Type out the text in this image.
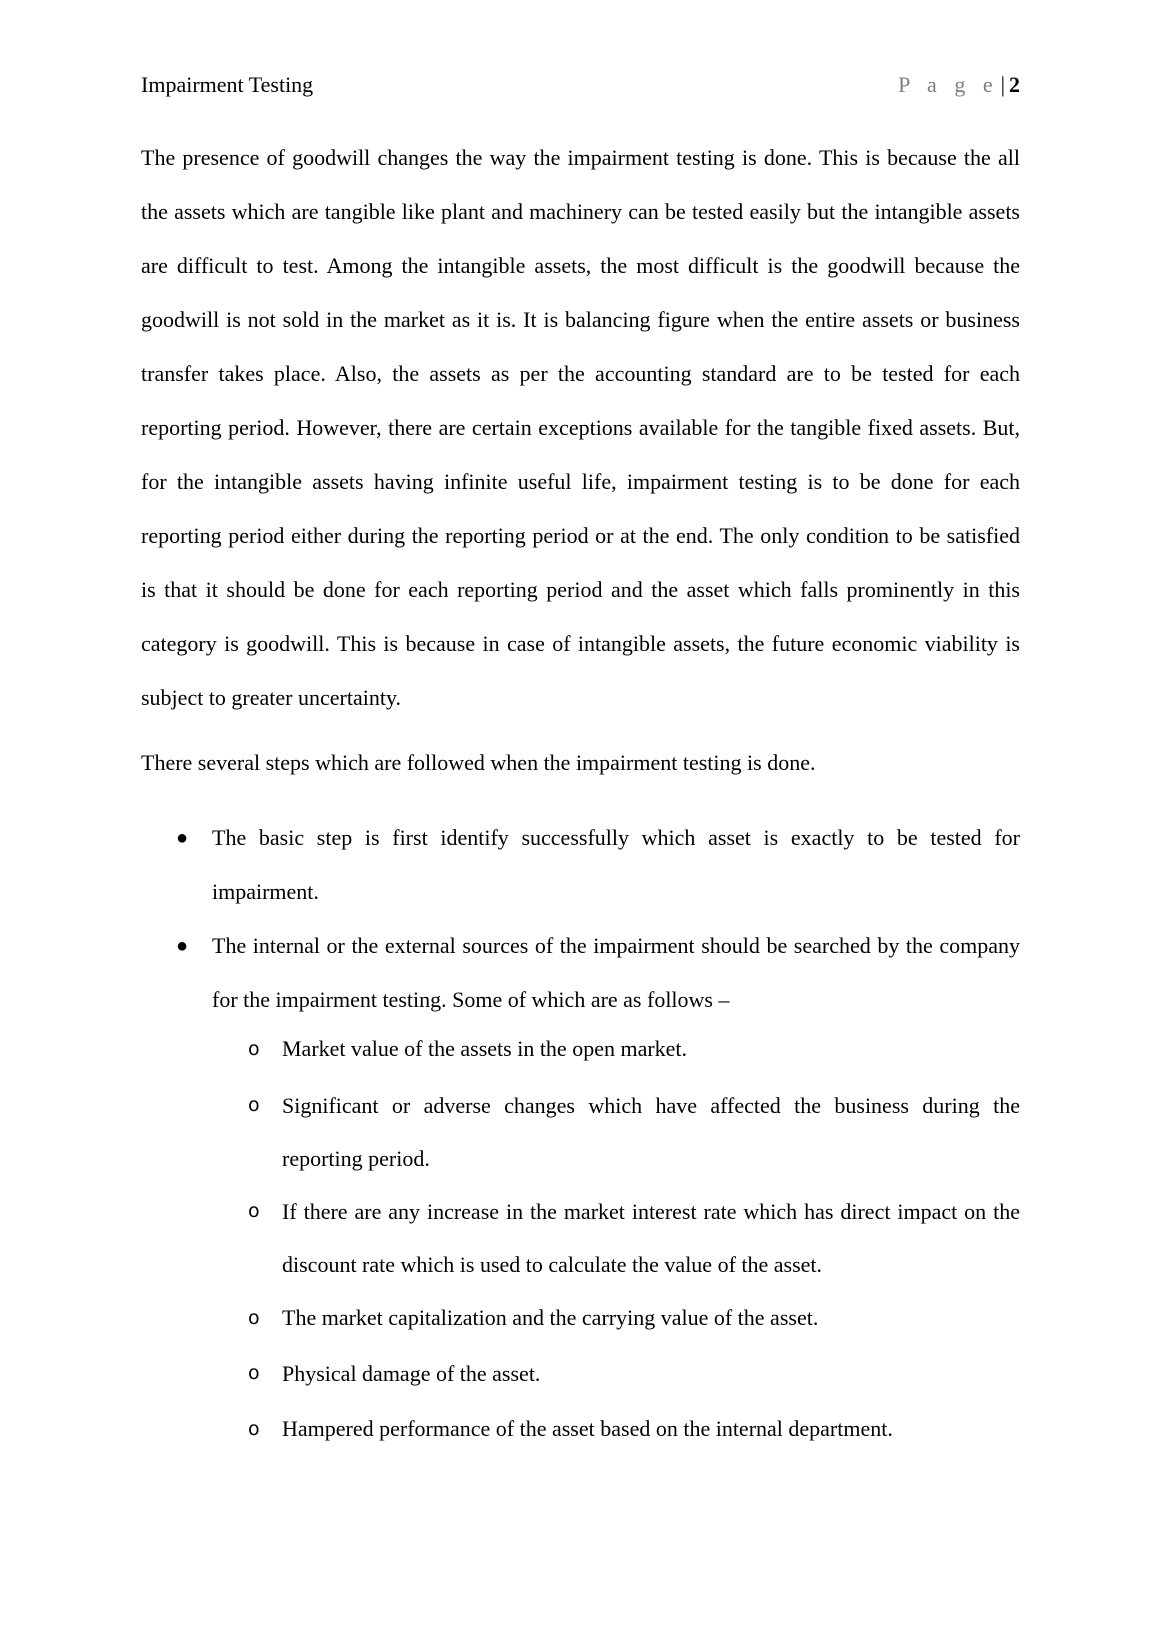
Impairment Testing	P a g e| 2

The presence of goodwill changes the way the impairment testing is done. This is because the all the assets which are tangible like plant and machinery can be tested easily but the intangible assets are difficult to test. Among the intangible assets, the most difficult is the goodwill because the goodwill is not sold in the market as it is. It is balancing figure when the entire assets or business transfer takes place. Also, the assets as per the accounting standard are to be tested for each reporting period. However, there are certain exceptions available for the tangible fixed assets. But, for the intangible assets having infinite useful life, impairment testing is to be done for each reporting period either during the reporting period or at the end. The only condition to be satisfied is that it should be done for each reporting period and the asset which falls prominently in this category is goodwill. This is because in case of intangible assets, the future economic viability is subject to greater uncertainty.

There several steps which are followed when the impairment testing is done.

● The basic step is first identify successfully which asset is exactly to be tested for impairment.
● The internal or the external sources of the impairment should be searched by the company for the impairment testing. Some of which are as follows –
o Market value of the assets in the open market.
o Significant or adverse changes which have affected the business during the reporting period.
o If there are any increase in the market interest rate which has direct impact on the discount rate which is used to calculate the value of the asset.
o The market capitalization and the carrying value of the asset.
o Physical damage of the asset.
o Hampered performance of the asset based on the internal department.
